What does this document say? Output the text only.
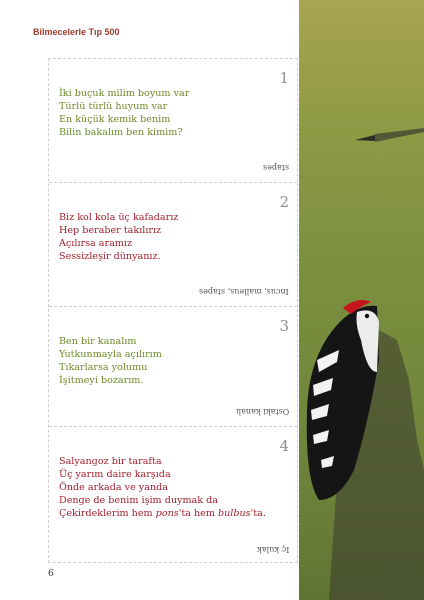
Bilmecelerle Tıp 500
1
İki buçuk milim boyum var
Türlü türlü huyum var
En küçük kemik benim
Bilin bakalım ben kimim?
stapes
2
Biz kol kola üç kafadarız
Hep beraber takılırız
Açılırsa aramız
Sessizleşir dünyanız.
İncus, malleus, stapes
3
Ben bir kanalım
Yutkunmayla açılırım
Tıkarlarsa yolumu
İşitmeyi bozarım.
Östaki kanalı
4
Salyangoz bir tarafta
Üç yarım daire karşıda
Önde arkada ve yanda
Denge de benim işim duymak da
Çekirdeklerim hem pons'ta hem bulbus'ta.
İç kulak
6
